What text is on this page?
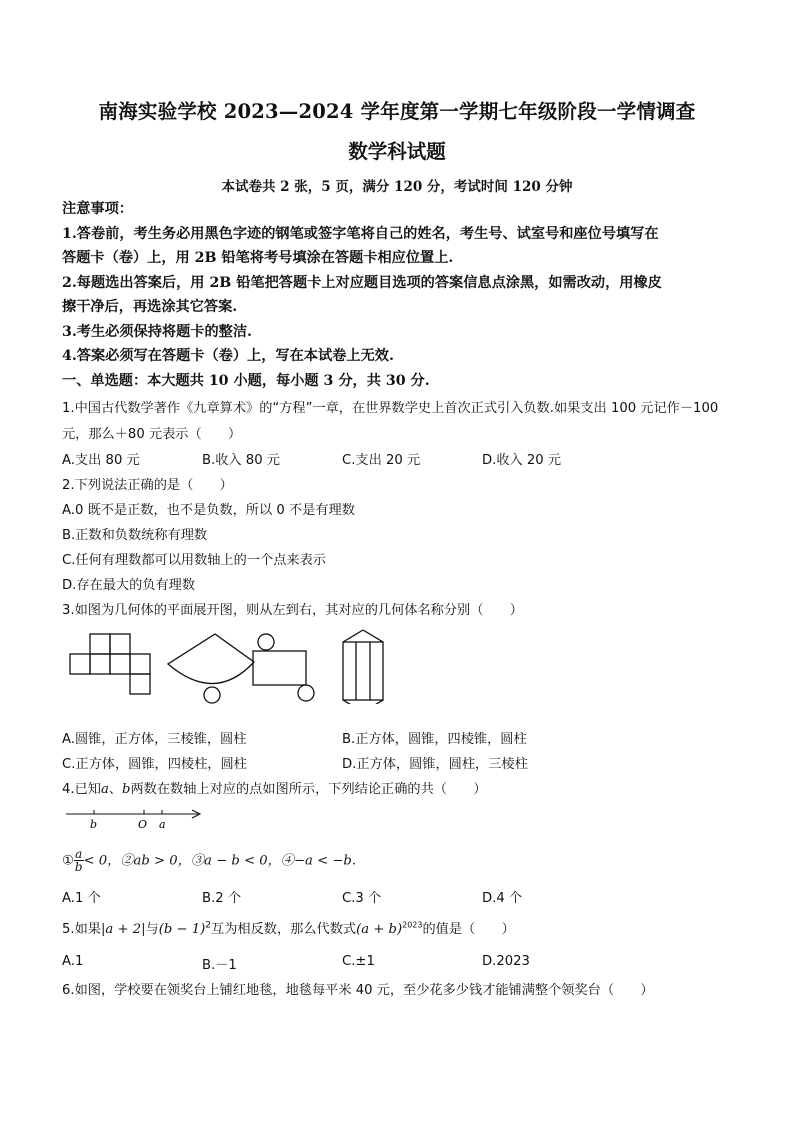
南海实验学校 2023—2024 学年度第一学期七年级阶段一学情调查
数学科试题
本试卷共 2 张，5 页，满分 120 分，考试时间 120 分钟
注意事项：
1.答卷前，考生务必用黑色字迹的钢笔或签字笔将自己的姓名，考生号、试室号和座位号填写在
答题卡（卷）上，用 2B 铅笔将考号填涂在答题卡相应位置上.
2.每题选出答案后，用 2B 铅笔把答题卡上对应题目选项的答案信息点涂黑，如需改动，用橡皮
擦干净后，再选涂其它答案.
3.考生必须保持将题卡的整洁.
4.答案必须写在答题卡（卷）上，写在本试卷上无效.
一、单选题：本大题共 10 小题，每小题 3 分，共 30 分.
1.中国古代数学著作《九章算术》的“方程”一章，在世界数学史上首次正式引入负数.如果支出 100 元记作－100
元，那么＋80 元表示（　　）
A.支出 80 元	B.收入 80 元	C.支出 20 元	D.收入 20 元
2.下列说法正确的是（　　）
A.0 既不是正数，也不是负数，所以 0 不是有理数
B.正数和负数统称有理数
C.任何有理数都可以用数轴上的一个点来表示
D.存在最大的负有理数
3.如图为几何体的平面展开图，则从左到右，其对应的几何体名称分别（　　）
A.圆锥，正方体，三棱锥，圆柱	B.正方体，圆锥，四棱锥，圆柱
C.正方体，圆锥，四棱柱，圆柱	D.正方体，圆锥，圆柱，三棱柱
4.已知a、b两数在数轴上对应的点如图所示，下列结论正确的共（　　）
b	O a
① $\frac{a}{b} < 0$，②ab > 0，③a − b < 0，④−a < −b.
A.1 个	B.2 个	C.3 个	D.4 个
5.如果|a + 2|与$(b - 1)^2$互为相反数，那么代数式$(a + b)^{2023}$的值是（　　）
A.1	B.－1	C.±1	D.2023
6.如图，学校要在领奖台上铺红地毯，地毯每平米 40 元，至少花多少钱才能铺满整个领奖台（　　）
